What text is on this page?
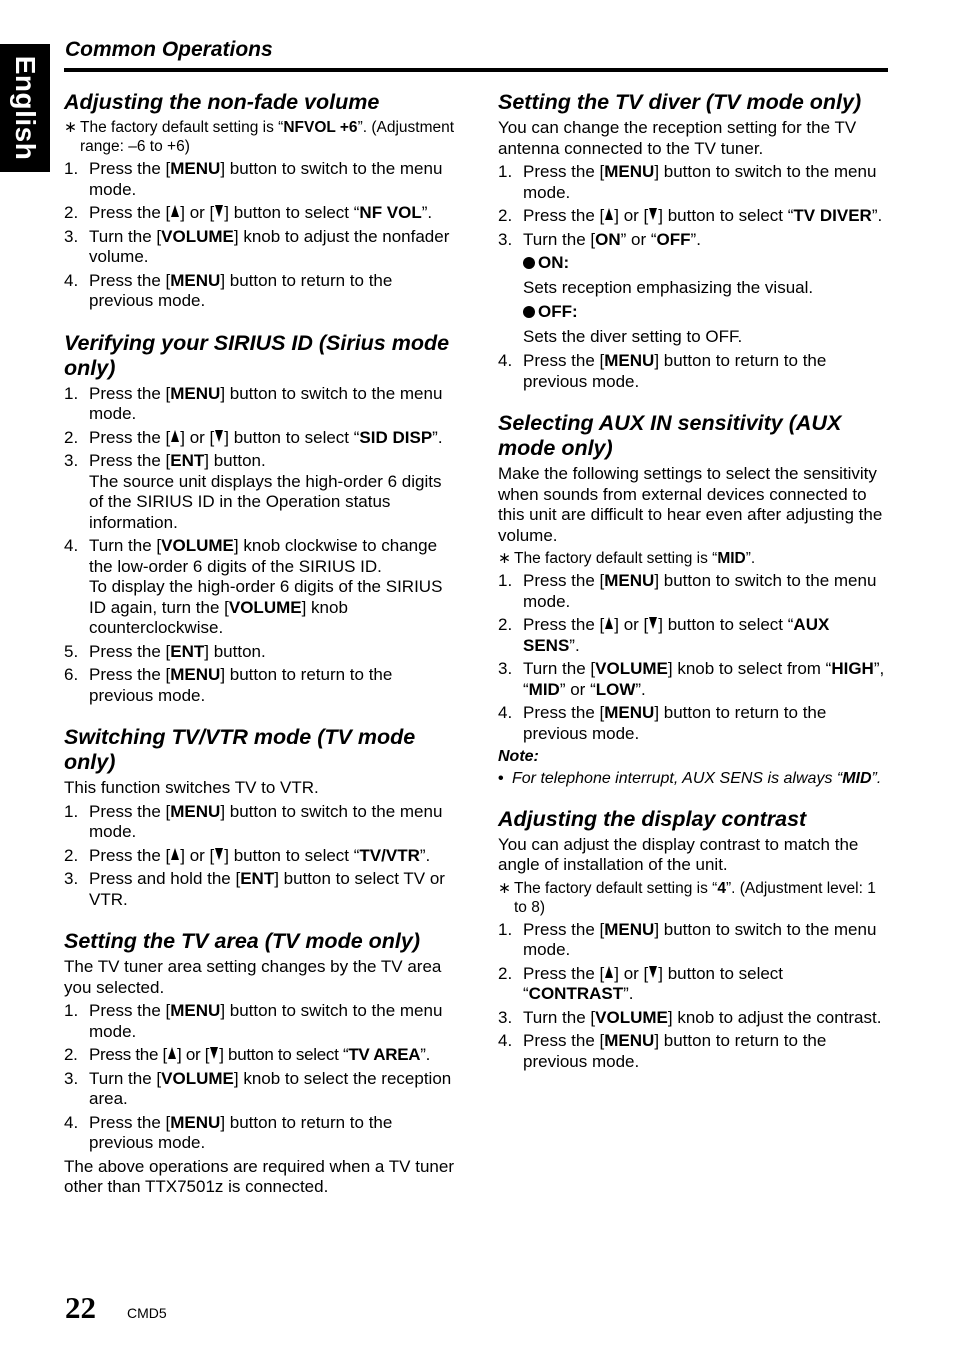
English
Common Operations
Adjusting the non-fade volume
∗ The factory default setting is “NFVOL +6”. (Adjustment range: –6 to +6)
1. Press the [MENU] button to switch to the menu mode.
2. Press the [ ] or [ ] button to select “NF VOL”.
3. Turn the [VOLUME] knob to adjust the nonfader volume.
4. Press the [MENU] button to return to the previous mode.
Verifying your SIRIUS ID (Sirius mode only)
1. Press the [MENU] button to switch to the menu mode.
2. Press the [ ] or [ ] button to select “SID DISP”.
3. Press the [ENT] button.
The source unit displays the high-order 6 digits of the SIRIUS ID in the Operation status information.
4. Turn the [VOLUME] knob clockwise to change the low-order 6 digits of the SIRIUS ID.
To display the high-order 6 digits of the SIRIUS ID again, turn the [VOLUME] knob counterclockwise.
5. Press the [ENT] button.
6. Press the [MENU] button to return to the previous mode.
Switching TV/VTR mode (TV mode only)

This function switches TV to VTR.

1. Press the [MENU] button to switch to the menu mode.
2. Press the [ ] or [ ] button to select “TV/VTR”.
3. Press and hold the [ENT] button to select TV or VTR.
Setting the TV area (TV mode only)

The TV tuner area setting changes by the TV area you selected.

1. Press the [MENU] button to switch to the menu mode.
2. Press the [ ] or [ ] button to select “TV AREA”.
3. Turn the [VOLUME] knob to select the reception area.
4. Press the [MENU] button to return to the previous mode.

The above operations are required when a TV tuner other than TTX7501z is connected.

Setting the TV diver (TV mode only)

You can change the reception setting for the TV antenna connected to the TV tuner.

1. Press the [MENU] button to switch to the menu mode.
2. Press the [ ] or [ ] button to select “TV DIVER”.
3. Turn the [ON” or “OFF”.
ON:
Sets reception emphasizing the visual.
OFF:
Sets the diver setting to OFF.
4. Press the [MENU] button to return to the previous mode.
Selecting AUX IN sensitivity (AUX mode only)

Make the following settings to select the sensitivity when sounds from external devices connected to this unit are difficult to hear even after adjusting the volume.

∗ The factory default setting is “MID”.
1. Press the [MENU] button to switch to the menu mode.
2. Press the [ ] or [ ] button to select “AUX SENS”.
3. Turn the [VOLUME] knob to select from “HIGH”, “MID” or “LOW”.
4. Press the [MENU] button to return to the previous mode.
Note:
• For telephone interrupt, AUX SENS is always “MID”.
Adjusting the display contrast

You can adjust the display contrast to match the angle of installation of the unit.

∗ The factory default setting is “4”. (Adjustment level: 1 to 8)
1. Press the [MENU] button to switch to the menu mode.
2. Press the [ ] or [ ] button to select “CONTRAST”.
3. Turn the [VOLUME] knob to adjust the contrast.
4. Press the [MENU] button to return to the previous mode.
22 CMD5
